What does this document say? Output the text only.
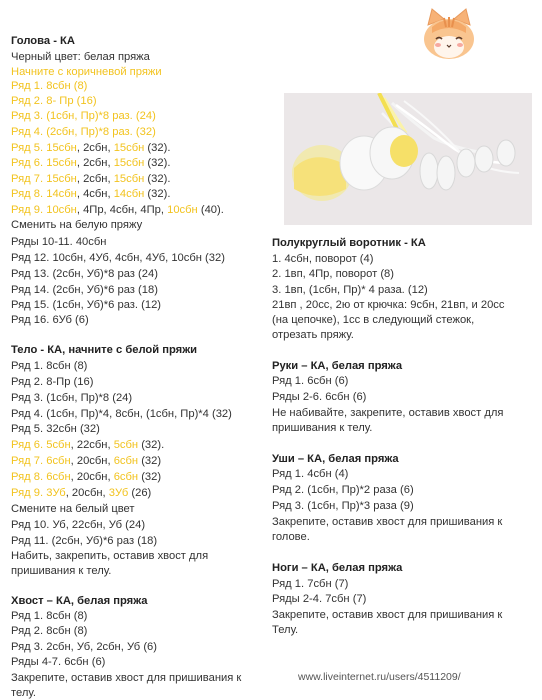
Голова - КА
Черный цвет: белая пряжа
Начните с коричневой пряжи
Ряд 1. 8сбн (8)
Ряд 2. 8- Пр (16)
Ряд 3. (1сбн, Пр)*8 раз. (24)
Ряд 4. (2сбн, Пр)*8 раз. (32)
Ряд 5. 15сбн, 2сбн, 15сбн (32).
Ряд 6. 15сбн, 2сбн, 15сбн (32).
Ряд 7. 15сбн, 2сбн, 15сбн (32).
Ряд 8. 14сбн, 4сбн, 14сбн (32).
Ряд 9. 10сбн, 4Пр, 4сбн, 4Пр, 10сбн (40).
Сменить на белую пряжу
Ряды 10-11. 40сбн
Ряд 12. 10сбн, 4Уб, 4сбн, 4Уб, 10сбн (32)
Ряд 13. (2сбн, Уб)*8 раз (24)
Ряд 14. (2сбн, Уб)*6 раз (18)
Ряд 15. (1сбн, Уб)*6 раз. (12)
Ряд 16. 6Уб (6)
Тело - КА, начните с белой пряжи
Ряд 1. 8сбн (8)
Ряд 2. 8-Пр (16)
Ряд 3. (1сбн, Пр)*8 (24)
Ряд 4. (1сбн, Пр)*4, 8сбн, (1сбн, Пр)*4 (32)
Ряд 5. 32сбн (32)
Ряд 6. 5сбн, 22сбн, 5сбн (32).
Ряд 7. 6сбн, 20сбн, 6сбн (32)
Ряд 8. 6сбн, 20сбн, 6сбн (32)
Ряд 9. 3Уб, 20сбн, 3Уб (26)
Смените на белый цвет
Ряд 10. Уб, 22сбн, Уб (24)
Ряд 11. (2сбн, Уб)*6 раз (18)
Набить, закрепить, оставив хвост для
пришивания к телу.
Хвост – КА, белая пряжа
Ряд 1. 8сбн (8)
Ряд 2. 8сбн (8)
Ряд 3. 2сбн, Уб, 2сбн, Уб (6)
Ряды 4-7. 6сбн (6)
Закрепите, оставив хвост для пришивания к
телу.
Полукруглый воротник - КА
1. 4сбн, поворот (4)
2. 1вп, 4Пр, поворот (8)
3. 1вп, (1сбн, Пр)* 4 раза. (12)
21вп , 20сс, 2ю от крючка: 9сбн, 21вп, и 20сс
(на цепочке), 1сс в следующий стежок,
отрезать пряжу.
Руки – КА, белая пряжа
Ряд 1. 6сбн (6)
Ряды 2-6. 6сбн (6)
Не набивайте, закрепите, оставив хвост для
пришивания к телу.
Уши – КА, белая пряжа
Ряд 1. 4сбн (4)
Ряд 2. (1сбн, Пр)*2 раза (6)
Ряд 3. (1сбн, Пр)*3 раза (9)
Закрепите, оставив хвост для пришивания к
голове.
Ноги – КА, белая пряжа
Ряд 1. 7сбн (7)
Ряды 2-4. 7сбн (7)
Закрепите, оставив хвост для пришивания к
Телу.
www.liveinternet.ru/users/4511209/
